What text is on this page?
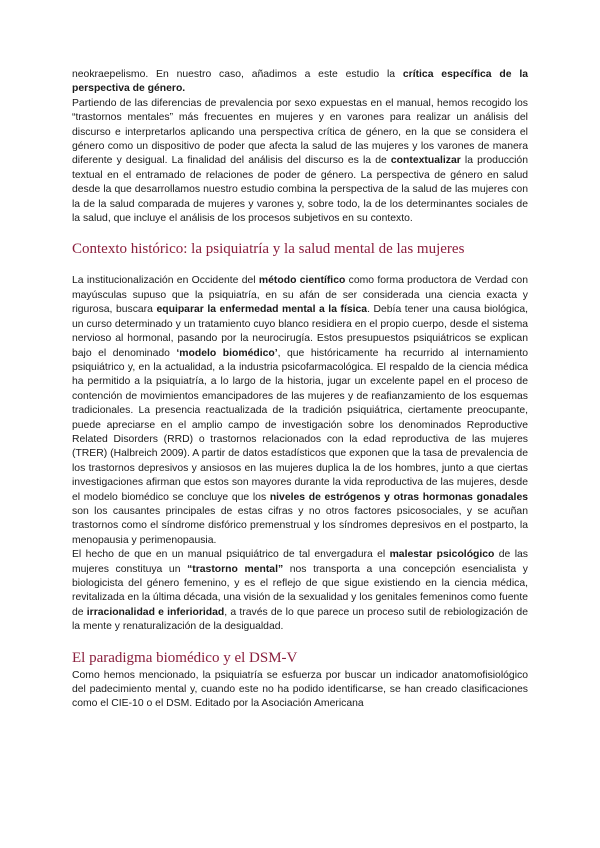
neokraepelismo. En nuestro caso, añadimos a este estudio la crítica específica de la perspectiva de género.

Partiendo de las diferencias de prevalencia por sexo expuestas en el manual, hemos recogido los “trastornos mentales” más frecuentes en mujeres y en varones para realizar un análisis del discurso e interpretarlos aplicando una perspectiva crítica de género, en la que se considera el género como un dispositivo de poder que afecta la salud de las mujeres y los varones de manera diferente y desigual. La finalidad del análisis del discurso es la de contextualizar la producción textual en el entramado de relaciones de poder de género. La perspectiva de género en salud desde la que desarrollamos nuestro estudio combina la perspectiva de la salud de las mujeres con la de la salud comparada de mujeres y varones y, sobre todo, la de los determinantes sociales de la salud, que incluye el análisis de los procesos subjetivos en su contexto.

Contexto histórico: la psiquiatría y la salud mental de las mujeres

La institucionalización en Occidente del método científico como forma productora de Verdad con mayúsculas supuso que la psiquiatría, en su afán de ser considerada una ciencia exacta y rigurosa, buscara equiparar la enfermedad mental a la física. Debía tener una causa biológica, un curso determinado y un tratamiento cuyo blanco residiera en el propio cuerpo, desde el sistema nervioso al hormonal, pasando por la neurocirugía. Estos presupuestos psiquiátricos se explican bajo el denominado ‘modelo biomédico’, que históricamente ha recurrido al internamiento psiquiátrico y, en la actualidad, a la industria psicofarmacológica. El respaldo de la ciencia médica ha permitido a la psiquiatría, a lo largo de la historia, jugar un excelente papel en el proceso de contención de movimientos emancipadores de las mujeres y de reafianzamiento de los esquemas tradicionales. La presencia reactualizada de la tradición psiquiátrica, ciertamente preocupante, puede apreciarse en el amplio campo de investigación sobre los denominados Reproductive Related Disorders (RRD) o trastornos relacionados con la edad reproductiva de las mujeres (TRER) (Halbreich 2009). A partir de datos estadísticos que exponen que la tasa de prevalencia de los trastornos depresivos y ansiosos en las mujeres duplica la de los hombres, junto a que ciertas investigaciones afirman que estos son mayores durante la vida reproductiva de las mujeres, desde el modelo biomédico se concluye que los niveles de estrógenos y otras hormonas gonadales son los causantes principales de estas cifras y no otros factores psicosociales, y se acuñan trastornos como el síndrome disfórico premenstrual y los síndromes depresivos en el postparto, la menopausia y perimenopausia.

El hecho de que en un manual psiquiátrico de tal envergadura el malestar psicológico de las mujeres constituya un “trastorno mental” nos transporta a una concepción esencialista y biologicista del género femenino, y es el reflejo de que sigue existiendo en la ciencia médica, revitalizada en la última década, una visión de la sexualidad y los genitales femeninos como fuente de irracionalidad e inferioridad, a través de lo que parece un proceso sutil de rebiologización de la mente y renaturalización de la desigualdad.

El paradigma biomédico y el DSM-V

Como hemos mencionado, la psiquiatría se esfuerza por buscar un indicador anatomofisiológico del padecimiento mental y, cuando este no ha podido identificarse, se han creado clasificaciones como el CIE-10 o el DSM. Editado por la Asociación Americana
